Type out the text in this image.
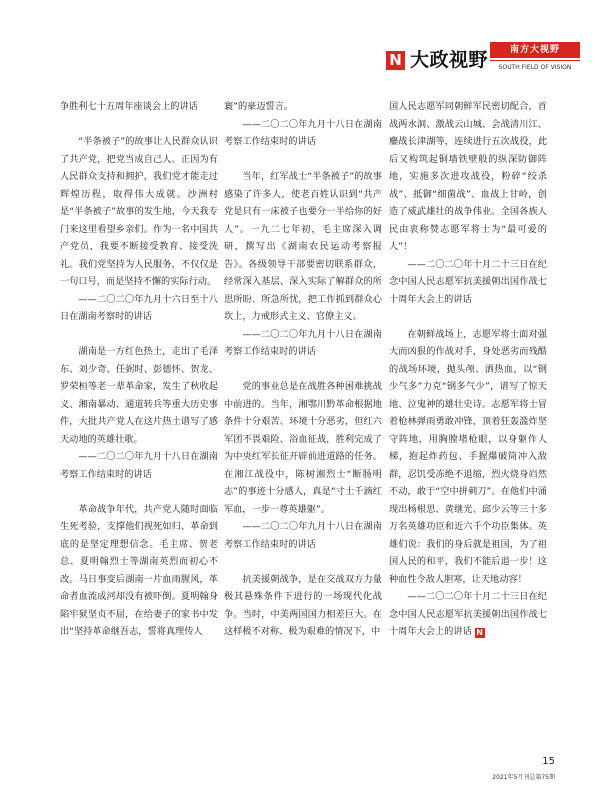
N 大政视野	南方大视野
SOUTH FIELD OF VISION

争胜利七十五周年座谈会上的讲话

“半条被子”的故事让人民群众认识了共产党，把党当成自己人。正因为有人民群众支持和拥护，我们党才能走过辉煌历程，取得伟大成就。沙洲村是“半条被子”故事的发生地，今天我专门来这里看望乡亲们。作为一名中国共产党员，我要不断接受教育、接受洗礼。我们党坚持为人民服务，不仅仅是一句口号，而是坚持不懈的实际行动。

——二〇二〇年九月十六日至十八日在湖南考察时的讲话

湖南是一方红色热土，走出了毛泽东、刘少奇、任弼时、彭德怀、贺龙、罗荣桓等老一辈革命家，发生了秋收起义、湘南暴动、通道转兵等重大历史事件，大批共产党人在这片热土谱写了感天动地的英雄壮歌。

——二〇二〇年九月十八日在湖南考察工作结束时的讲话

革命战争年代，共产党人随时面临生死考验，支撑他们视死如归、革命到底的是坚定理想信念。毛主席、贺老总、夏明翰烈士等湖南英烈而初心不改。马日事变后湖南一片血雨腥风，革命者血流成河却没有被吓倒。夏明翰身陷牢狱坚贞不屈，在给妻子的家书中发出“坚持革命继吾志，誓将真理传人

寰”的豪迈誓言。

——二〇二〇年九月十八日在湖南考察工作结束时的讲话

当年，红军战士“半条被子”的故事感染了许多人，使老百姓认识到“共产党是只有一床被子也要分一半给你的好人”。一九二七年初，毛主席深入调研，撰写出《湖南农民运动考察报告》。各级领导干部要密切联系群众，经常深入基层、深入实际了解群众的所思所盼、所急所忧，把工作抓到群众心坎上，力戒形式主义、官僚主义。

——二〇二〇年九月十八日在湖南考察工作结束时的讲话

党的事业总是在战胜各种困难挑战中前进的。当年，湘鄂川黔革命根据地条件十分艰苦、环境十分恶劣，但红六军团不畏艰险、浴血征战，胜利完成了为中央红军长征开辟前进道路的任务。在湘江战役中，陈树湘烈士“断肠明志”的事迹十分感人，真是“寸土千滴红军血，一步一尊英雄躯”。

——二〇二〇年九月十八日在湖南考察工作结束时的讲话

抗美援朝战争，是在交战双方力量极其悬殊条件下进行的一场现代化战争。当时，中美两国国力相差巨大。在这样极不对称、极为艰难的情况下，中

国人民志愿军同朝鲜军民密切配合，首战两水洞、激战云山城、会战清川江、鏖战长津湖等，连续进行五次战役，此后又构筑起铜墙铁壁般的纵深防御阵地，实施多次进攻战役，粉碎“绞杀战”、抵御“细菌战”、血战上甘岭，创造了威武雄壮的战争伟业。全国各族人民由衷称赞志愿军将士为“最可爱的人”！

——二〇二〇年十月二十三日在纪念中国人民志愿军抗美援朝出国作战七十周年大会上的讲话

在朝鲜战场上，志愿军将士面对强大而凶狠的作战对手，身处恶劣而残酷的战场环境，抛头颅、洒热血，以“钢少气多”力克“钢多气少”，谱写了惊天地、泣鬼神的雄壮史诗。志愿军将士冒着枪林弹雨勇敢冲锋，顶着狂轰滥炸坚守阵地，用胸膛堵枪眼，以身躯作人梯，抱起炸药包、手握爆破筒冲入敌群，忍饥受冻绝不退缩，烈火烧身岿然不动，敢于“空中拼刺刀”。在他们中涌现出杨根思、黄继光、邱少云等三十多万名英雄功臣和近六千个功臣集体。英雄们说：我们的身后就是祖国，为了祖国人民的和平，我们不能后退一步！这种血性令敌人胆寒，让天地动容！

——二〇二〇年十月二十三日在纪念中国人民志愿军抗美援朝出国作战七十周年大会上的讲话 N

15
2021年5月刊总第75期
